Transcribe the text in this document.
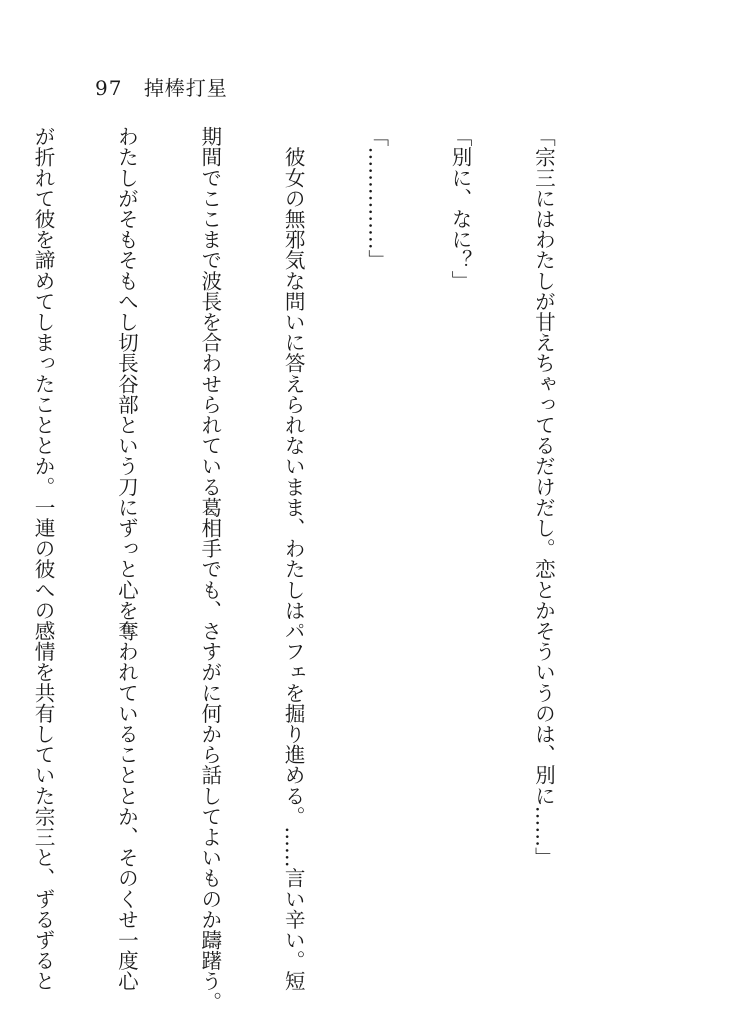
97 掉棒打星

「宗三にはわたしが甘えちゃってるだけだし。恋とかそういうのは、別に……」

「別に、なに？」

「……………」

　彼女の無邪気な問いに答えられないまま、わたしはパフェを掘り進める。……言い辛い。短

期間でここまで波長を合わせられている葛相手でも、さすがに何から話してよいものか躊躇う。

わたしがそもそもへし切長谷部という刀にずっと心を奪われていることとか、そのくせ一度心

が折れて彼を諦めてしまったこととか。一連の彼への感情を共有していた宗三と、ずるずると
